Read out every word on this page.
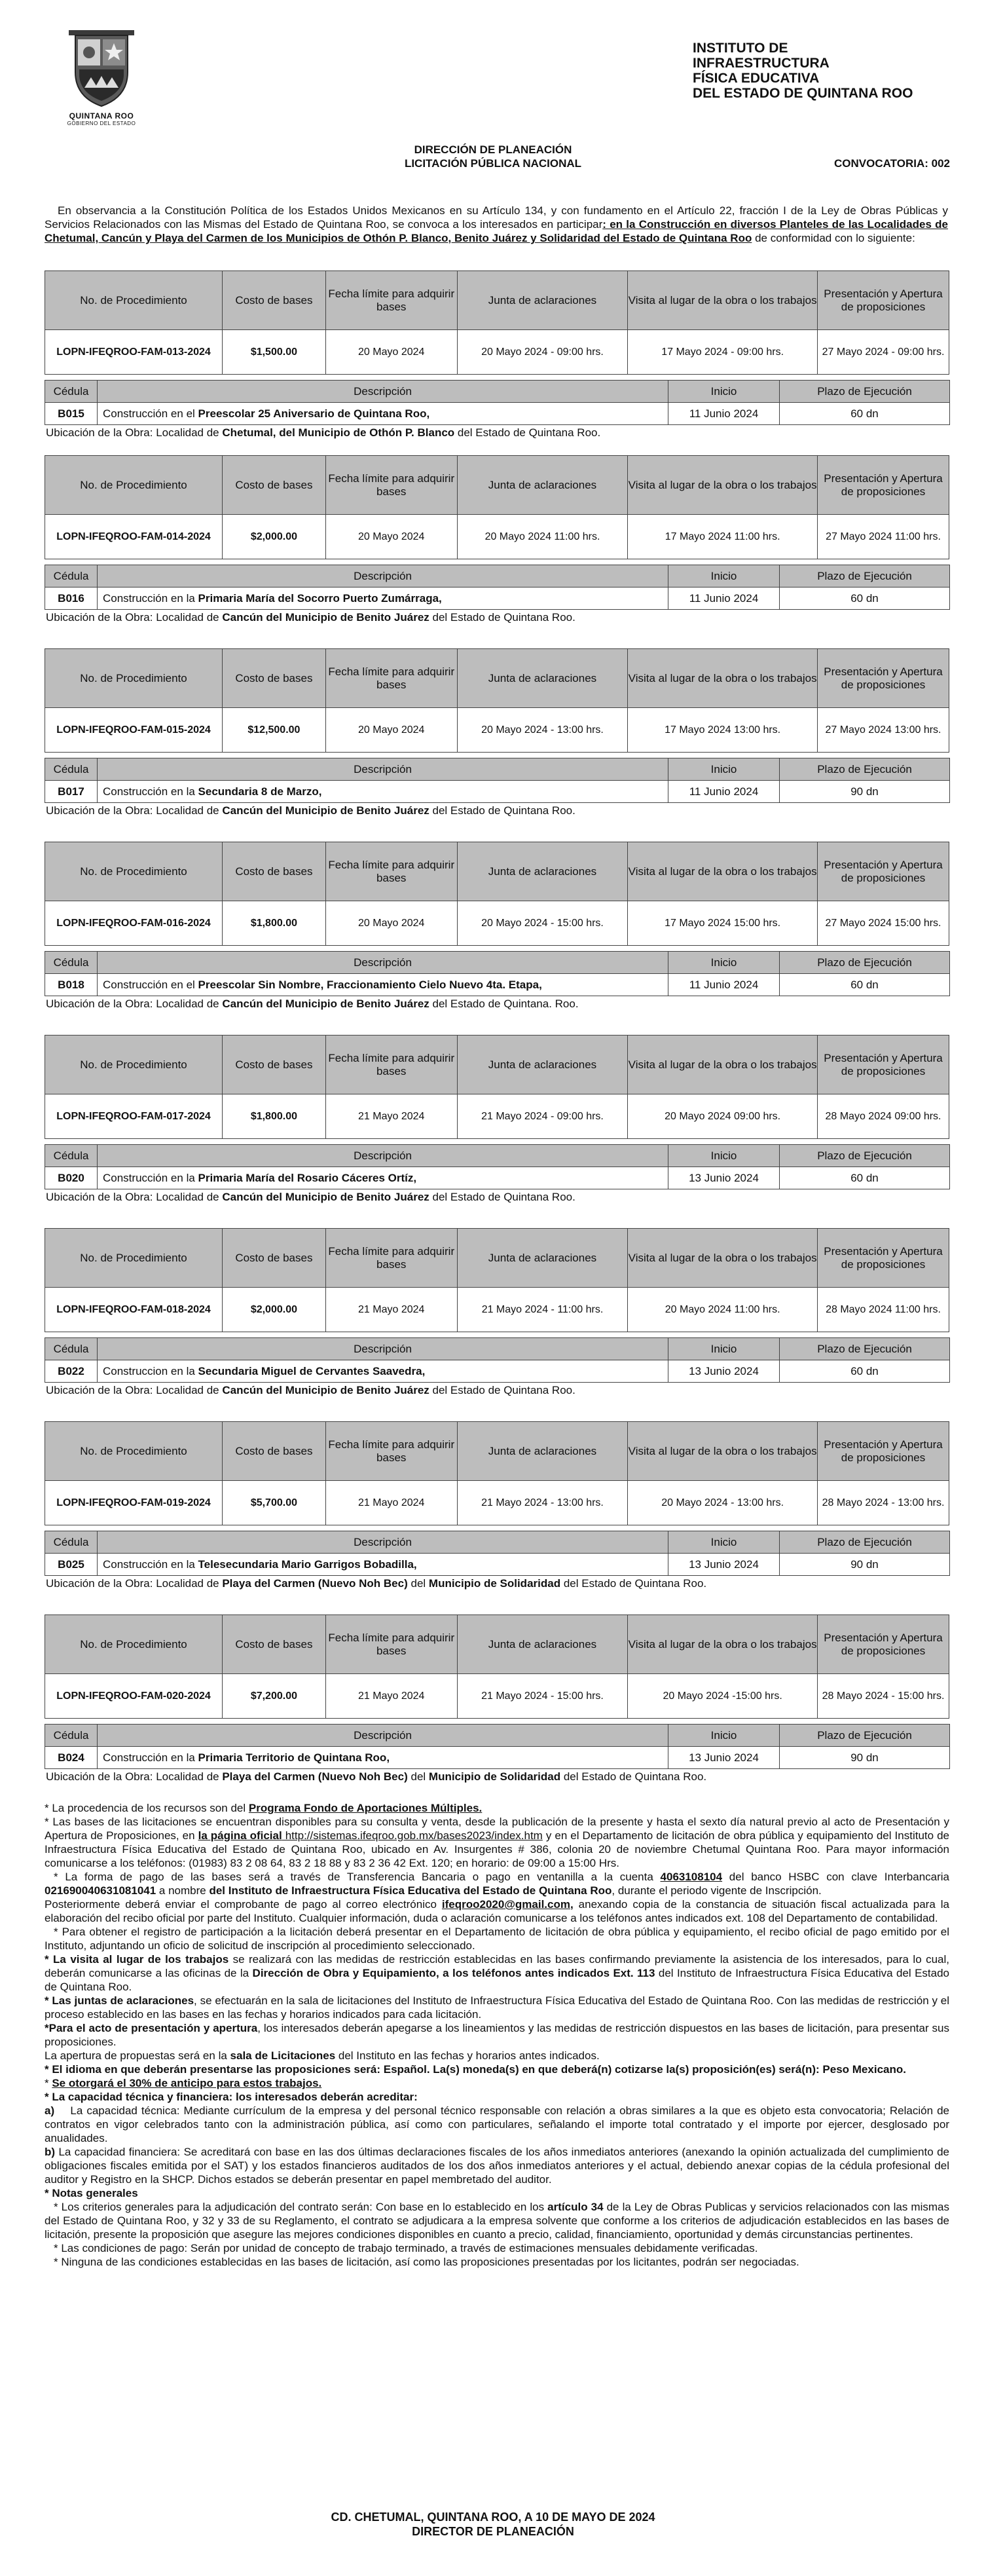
QUINTANA ROO
GOBIERNO DEL ESTADO
INSTITUTO DE
INFRAESTRUCTURA
FÍSICA EDUCATIVA
DEL ESTADO DE QUINTANA ROO
DIRECCIÓN DE PLANEACIÓN
LICITACIÓN PÚBLICA NACIONAL	CONVOCATORIA: 002
En observancia a la Constitución Política de los Estados Unidos Mexicanos en su Artículo 134, y con fundamento en el Artículo 22, fracción I de la Ley de Obras Públicas y Servicios Relacionados con las Mismas del Estado de Quintana Roo, se convoca a los interesados en participar: en la Construcción en diversos Planteles de las Localidades de Chetumal, Cancún y Playa del Carmen de los Municipios de Othón P. Blanco, Benito Juárez y Solidaridad del Estado de Quintana Roo de conformidad con lo siguiente:
No. de Procedimiento	Costo de bases	Fecha límite para adquirir bases	Junta de aclaraciones	Visita al lugar de la obra o los trabajos	Presentación y Apertura de proposiciones
LOPN-IFEQROO-FAM-013-2024	$1,500.00	20 Mayo 2024	20 Mayo 2024 - 09:00 hrs.	17 Mayo 2024 - 09:00 hrs.	27 Mayo 2024 - 09:00 hrs.
Cédula	Descripción	Inicio	Plazo de Ejecución
B015	Construcción en el Preescolar 25 Aniversario de Quintana Roo,	11 Junio 2024	60 dn
Ubicación de la Obra: Localidad de Chetumal, del Municipio de Othón P. Blanco del Estado de Quintana Roo.
No. de Procedimiento	Costo de bases	Fecha límite para adquirir bases	Junta de aclaraciones	Visita al lugar de la obra o los trabajos	Presentación y Apertura de proposiciones
LOPN-IFEQROO-FAM-014-2024	$2,000.00	20 Mayo 2024	20 Mayo 2024 11:00 hrs.	17 Mayo 2024 11:00 hrs.	27 Mayo 2024 11:00 hrs.
Cédula	Descripción	Inicio	Plazo de Ejecución
B016	Construcción en la Primaria María del Socorro Puerto Zumárraga,	11 Junio 2024	60 dn
Ubicación de la Obra: Localidad de Cancún del Municipio de Benito Juárez del Estado de Quintana Roo.
No. de Procedimiento	Costo de bases	Fecha límite para adquirir bases	Junta de aclaraciones	Visita al lugar de la obra o los trabajos	Presentación y Apertura de proposiciones
LOPN-IFEQROO-FAM-015-2024	$12,500.00	20 Mayo 2024	20 Mayo 2024 - 13:00 hrs.	17 Mayo 2024 13:00 hrs.	27 Mayo 2024 13:00 hrs.
Cédula	Descripción	Inicio	Plazo de Ejecución
B017	Construcción en la Secundaria 8 de Marzo,	11 Junio 2024	90 dn
Ubicación de la Obra: Localidad de Cancún del Municipio de Benito Juárez del Estado de Quintana Roo.
No. de Procedimiento	Costo de bases	Fecha límite para adquirir bases	Junta de aclaraciones	Visita al lugar de la obra o los trabajos	Presentación y Apertura de proposiciones
LOPN-IFEQROO-FAM-016-2024	$1,800.00	20 Mayo 2024	20 Mayo 2024 - 15:00 hrs.	17 Mayo 2024 15:00 hrs.	27 Mayo 2024 15:00 hrs.
Cédula	Descripción	Inicio	Plazo de Ejecución
B018	Construcción en el Preescolar Sin Nombre, Fraccionamiento Cielo Nuevo 4ta. Etapa,	11 Junio 2024	60 dn
Ubicación de la Obra: Localidad de Cancún del Municipio de Benito Juárez del Estado de Quintana. Roo.
No. de Procedimiento	Costo de bases	Fecha límite para adquirir bases	Junta de aclaraciones	Visita al lugar de la obra o los trabajos	Presentación y Apertura de proposiciones
LOPN-IFEQROO-FAM-017-2024	$1,800.00	21 Mayo 2024	21 Mayo 2024 - 09:00 hrs.	20 Mayo 2024 09:00 hrs.	28 Mayo 2024 09:00 hrs.
Cédula	Descripción	Inicio	Plazo de Ejecución
B020	Construcción en la Primaria María del Rosario Cáceres Ortíz,	13 Junio 2024	60 dn
Ubicación de la Obra: Localidad de Cancún del Municipio de Benito Juárez del Estado de Quintana Roo.
No. de Procedimiento	Costo de bases	Fecha límite para adquirir bases	Junta de aclaraciones	Visita al lugar de la obra o los trabajos	Presentación y Apertura de proposiciones
LOPN-IFEQROO-FAM-018-2024	$2,000.00	21 Mayo 2024	21 Mayo 2024 - 11:00 hrs.	20 Mayo 2024 11:00 hrs.	28 Mayo 2024 11:00 hrs.
Cédula	Descripción	Inicio	Plazo de Ejecución
B022	Construccion en la Secundaria Miguel de Cervantes Saavedra,	13 Junio 2024	60 dn
Ubicación de la Obra: Localidad de Cancún del Municipio de Benito Juárez del Estado de Quintana Roo.
No. de Procedimiento	Costo de bases	Fecha límite para adquirir bases	Junta de aclaraciones	Visita al lugar de la obra o los trabajos	Presentación y Apertura de proposiciones
LOPN-IFEQROO-FAM-019-2024	$5,700.00	21 Mayo 2024	21 Mayo 2024 - 13:00 hrs.	20 Mayo 2024 - 13:00 hrs.	28 Mayo 2024 - 13:00 hrs.
Cédula	Descripción	Inicio	Plazo de Ejecución
B025	Construcción en la Telesecundaria Mario Garrigos Bobadilla,	13 Junio 2024	90 dn
Ubicación de la Obra: Localidad de Playa del Carmen (Nuevo Noh Bec) del Municipio de Solidaridad del Estado de Quintana Roo.
No. de Procedimiento	Costo de bases	Fecha límite para adquirir bases	Junta de aclaraciones	Visita al lugar de la obra o los trabajos	Presentación y Apertura de proposiciones
LOPN-IFEQROO-FAM-020-2024	$7,200.00	21 Mayo 2024	21 Mayo 2024 - 15:00 hrs.	20 Mayo 2024 -15:00 hrs.	28 Mayo 2024 - 15:00 hrs.
Cédula	Descripción	Inicio	Plazo de Ejecución
B024	Construcción en la Primaria Territorio de Quintana Roo,	13 Junio 2024	90 dn
Ubicación de la Obra: Localidad de Playa del Carmen (Nuevo Noh Bec) del Municipio de Solidaridad del Estado de Quintana Roo.

* La procedencia de los recursos son del Programa Fondo de Aportaciones Múltiples.

* Las bases de las licitaciones se encuentran disponibles para su consulta y venta, desde la publicación de la presente y hasta el sexto día natural previo al acto de Presentación y Apertura de Proposiciones, en la página oficial http://sistemas.ifeqroo.gob.mx/bases2023/index.htm y en el Departamento de licitación de obra pública y equipamiento del Instituto de Infraestructura Física Educativa del Estado de Quintana Roo, ubicado en Av. Insurgentes # 386, colonia 20 de noviembre Chetumal Quintana Roo. Para mayor información comunicarse a los teléfonos: (01983) 83 2 08 64, 83 2 18 88 y 83 2 36 42 Ext. 120; en horario: de 09:00 a 15:00 Hrs.

* La forma de pago de las bases será a través de Transferencia Bancaria o pago en ventanilla a la cuenta 4063108104 del banco HSBC con clave Interbancaria 021690040631081041 a nombre del Instituto de Infraestructura Física Educativa del Estado de Quintana Roo, durante el periodo vigente de Inscripción.

Posteriormente deberá enviar el comprobante de pago al correo electrónico ifeqroo2020@gmail.com, anexando copia de la constancia de situación fiscal actualizada para la elaboración del recibo oficial por parte del Instituto. Cualquier información, duda o aclaración comunicarse a los teléfonos antes indicados ext. 108 del Departamento de contabilidad.

* Para obtener el registro de participación a la licitación deberá presentar en el Departamento de licitación de obra pública y equipamiento, el recibo oficial de pago emitido por el Instituto, adjuntando un oficio de solicitud de inscripción al procedimiento seleccionado.

* La visita al lugar de los trabajos se realizará con las medidas de restricción establecidas en las bases confirmando previamente la asistencia de los interesados, para lo cual, deberán comunicarse a las oficinas de la Dirección de Obra y Equipamiento, a los teléfonos antes indicados Ext. 113 del Instituto de Infraestructura Física Educativa del Estado de Quintana Roo.

* Las juntas de aclaraciones, se efectuarán en la sala de licitaciones del Instituto de Infraestructura Física Educativa del Estado de Quintana Roo. Con las medidas de restricción y el proceso establecido en las bases en las fechas y horarios indicados para cada licitación.

*Para el acto de presentación y apertura, los interesados deberán apegarse a los lineamientos y las medidas de restricción dispuestos en las bases de licitación, para presentar sus proposiciones.

La apertura de propuestas será en la sala de Licitaciones del Instituto en las fechas y horarios antes indicados.

* El idioma en que deberán presentarse las proposiciones será: Español. La(s) moneda(s) en que deberá(n) cotizarse la(s) proposición(es) será(n): Peso Mexicano.

* Se otorgará el 30% de anticipo para estos trabajos.

* La capacidad técnica y financiera: los interesados deberán acreditar:

a) La capacidad técnica: Mediante currículum de la empresa y del personal técnico responsable con relación a obras similares a la que es objeto esta convocatoria; Relación de contratos en vigor celebrados tanto con la administración pública, así como con particulares, señalando el importe total contratado y el importe por ejercer, desglosado por anualidades.

b) La capacidad financiera: Se acreditará con base en las dos últimas declaraciones fiscales de los años inmediatos anteriores (anexando la opinión actualizada del cumplimiento de obligaciones fiscales emitida por el SAT) y los estados financieros auditados de los dos años inmediatos anteriores y el actual, debiendo anexar copias de la cédula profesional del auditor y Registro en la SHCP. Dichos estados se deberán presentar en papel membretado del auditor.

* Notas generales

* Los criterios generales para la adjudicación del contrato serán: Con base en lo establecido en los artículo 34 de la Ley de Obras Publicas y servicios relacionados con las mismas del Estado de Quintana Roo, y 32 y 33 de su Reglamento, el contrato se adjudicara a la empresa solvente que conforme a los criterios de adjudicación establecidos en las bases de licitación, presente la proposición que asegure las mejores condiciones disponibles en cuanto a precio, calidad, financiamiento, oportunidad y demás circunstancias pertinentes.

* Las condiciones de pago: Serán por unidad de concepto de trabajo terminado, a través de estimaciones mensuales debidamente verificadas.

* Ninguna de las condiciones establecidas en las bases de licitación, así como las proposiciones presentadas por los licitantes, podrán ser negociadas.

CD. CHETUMAL, QUINTANA ROO, A 10 DE MAYO DE 2024
DIRECTOR DE PLANEACIÓN
